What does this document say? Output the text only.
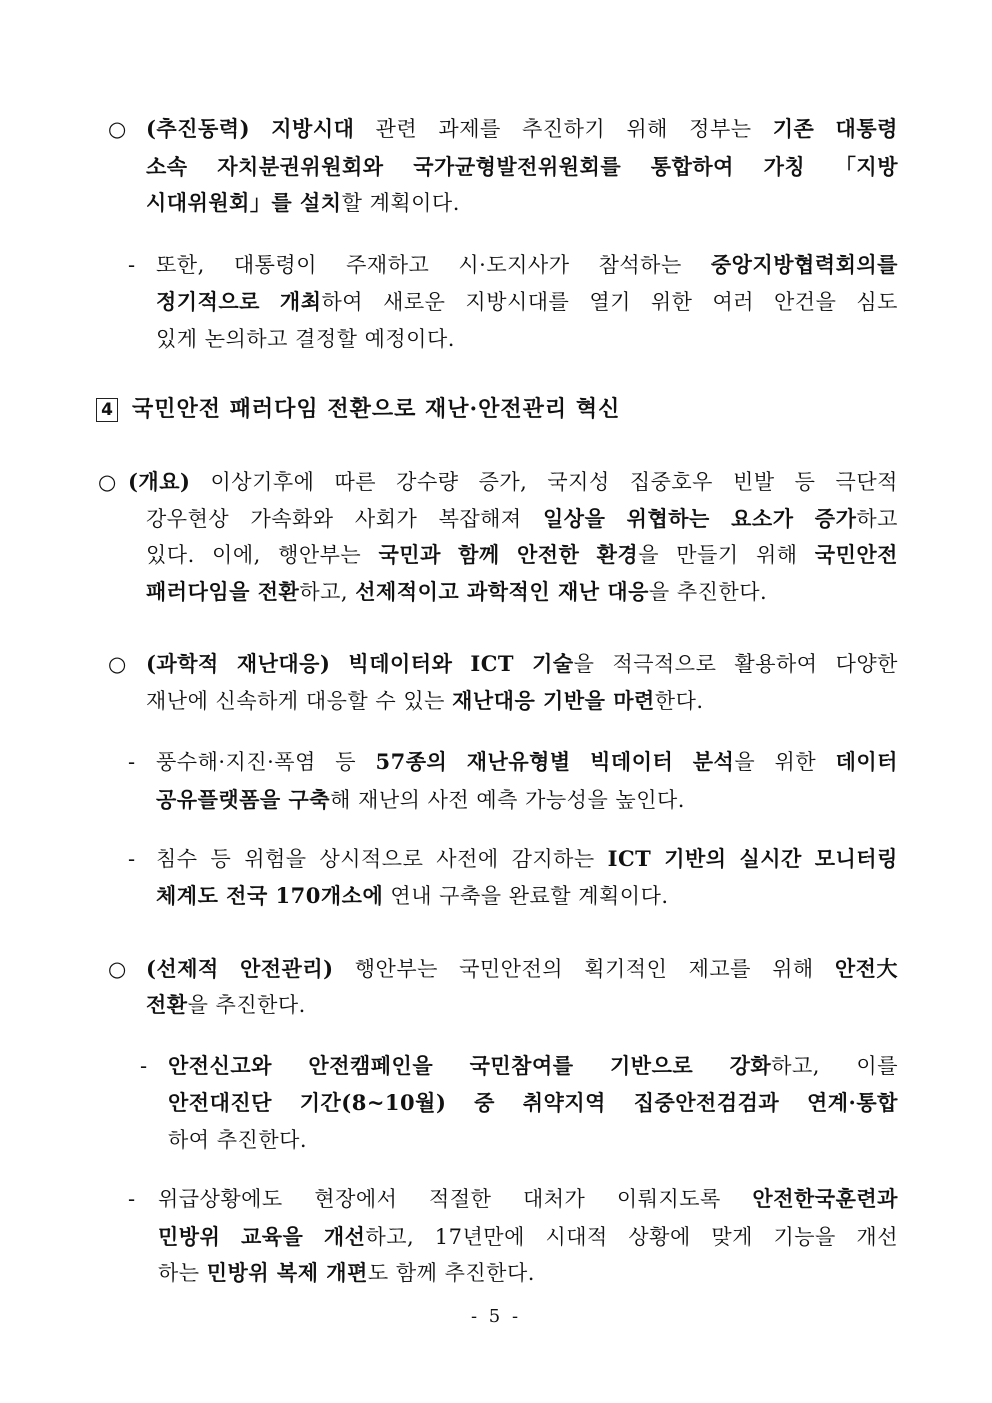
○ (추진동력) 지방시대 관련 과제를 추진하기 위해 정부는 기존 대통령
소속 자치분권위원회와 국가균형발전위원회를 통합하여 가칭 「지방
시대위원회」를 설치할 계획이다.
- 또한, 대통령이 주재하고 시·도지사가 참석하는 중앙지방협력회의를
정기적으로 개최하여 새로운 지방시대를 열기 위한 여러 안건을 심도
있게 논의하고 결정할 예정이다.
4 국민안전 패러다임 전환으로 재난·안전관리 혁신
○ (개요) 이상기후에 따른 강수량 증가, 국지성 집중호우 빈발 등 극단적
강우현상 가속화와 사회가 복잡해져 일상을 위협하는 요소가 증가하고
있다. 이에, 행안부는 국민과 함께 안전한 환경을 만들기 위해 국민안전
패러다임을 전환하고, 선제적이고 과학적인 재난 대응을 추진한다.
○ (과학적 재난대응) 빅데이터와 ICT 기술을 적극적으로 활용하여 다양한
재난에 신속하게 대응할 수 있는 재난대응 기반을 마련한다.
- 풍수해·지진·폭염 등 57종의 재난유형별 빅데이터 분석을 위한 데이터
공유플랫폼을 구축해 재난의 사전 예측 가능성을 높인다.
- 침수 등 위험을 상시적으로 사전에 감지하는 ICT 기반의 실시간 모니터링
체계도 전국 170개소에 연내 구축을 완료할 계획이다.
○ (선제적 안전관리) 행안부는 국민안전의 획기적인 제고를 위해 안전大
전환을 추진한다.
- 안전신고와 안전캠페인을 국민참여를 기반으로 강화하고, 이를
안전대진단 기간(8~10월) 중 취약지역 집중안전검검과 연계·통합
하여 추진한다.
- 위급상황에도 현장에서 적절한 대처가 이뤄지도록 안전한국훈련과
민방위 교육을 개선하고, 17년만에 시대적 상황에 맞게 기능을 개선
하는 민방위 복제 개편도 함께 추진한다.
- 5 -
